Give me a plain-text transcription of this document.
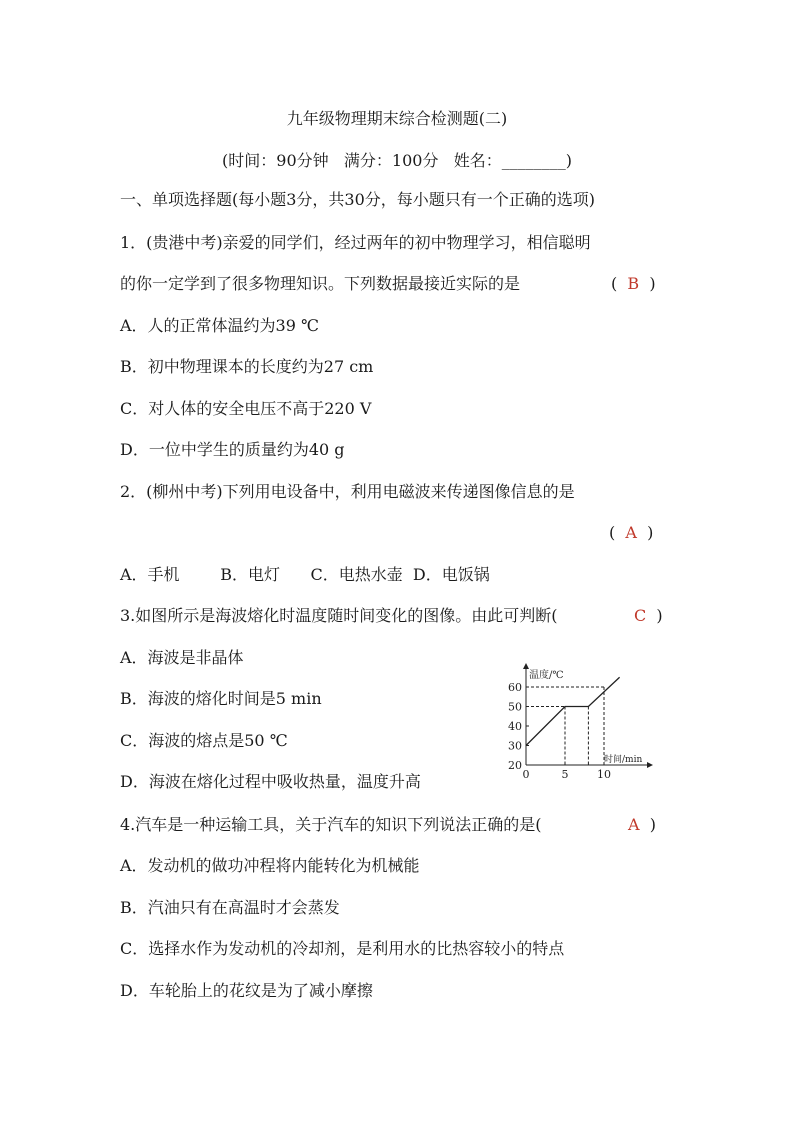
九年级物理期末综合检测题(二)
(时间：90分钟   满分：100分   姓名：________)
一、单项选择题(每小题3分，共30分，每小题只有一个正确的选项)
1．(贵港中考)亲爱的同学们，经过两年的初中物理学习，相信聪明
的你一定学到了很多物理知识。下列数据最接近实际的是	(  B  )
A．人的正常体温约为39 ℃
B．初中物理课本的长度约为27 cm
C．对人体的安全电压不高于220 V
D．一位中学生的质量约为40 g
2．(柳州中考)下列用电设备中，利用电磁波来传递图像信息的是
(  A  )
A．手机        B．电灯      C．电热水壶  D．电饭锅
3.如图所示是海波熔化时温度随时间变化的图像。由此可判断(	C  )
A．海波是非晶体
B．海波的熔化时间是5 min
C．海波的熔点是50 ℃
D．海波在熔化过程中吸收热量，温度升高
温度/℃
时间/min
20
30
40
50
60
0	5	10
4.汽车是一种运输工具，关于汽车的知识下列说法正确的是(	A  )
A．发动机的做功冲程将内能转化为机械能
B．汽油只有在高温时才会蒸发
C．选择水作为发动机的冷却剂，是利用水的比热容较小的特点
D．车轮胎上的花纹是为了减小摩擦
